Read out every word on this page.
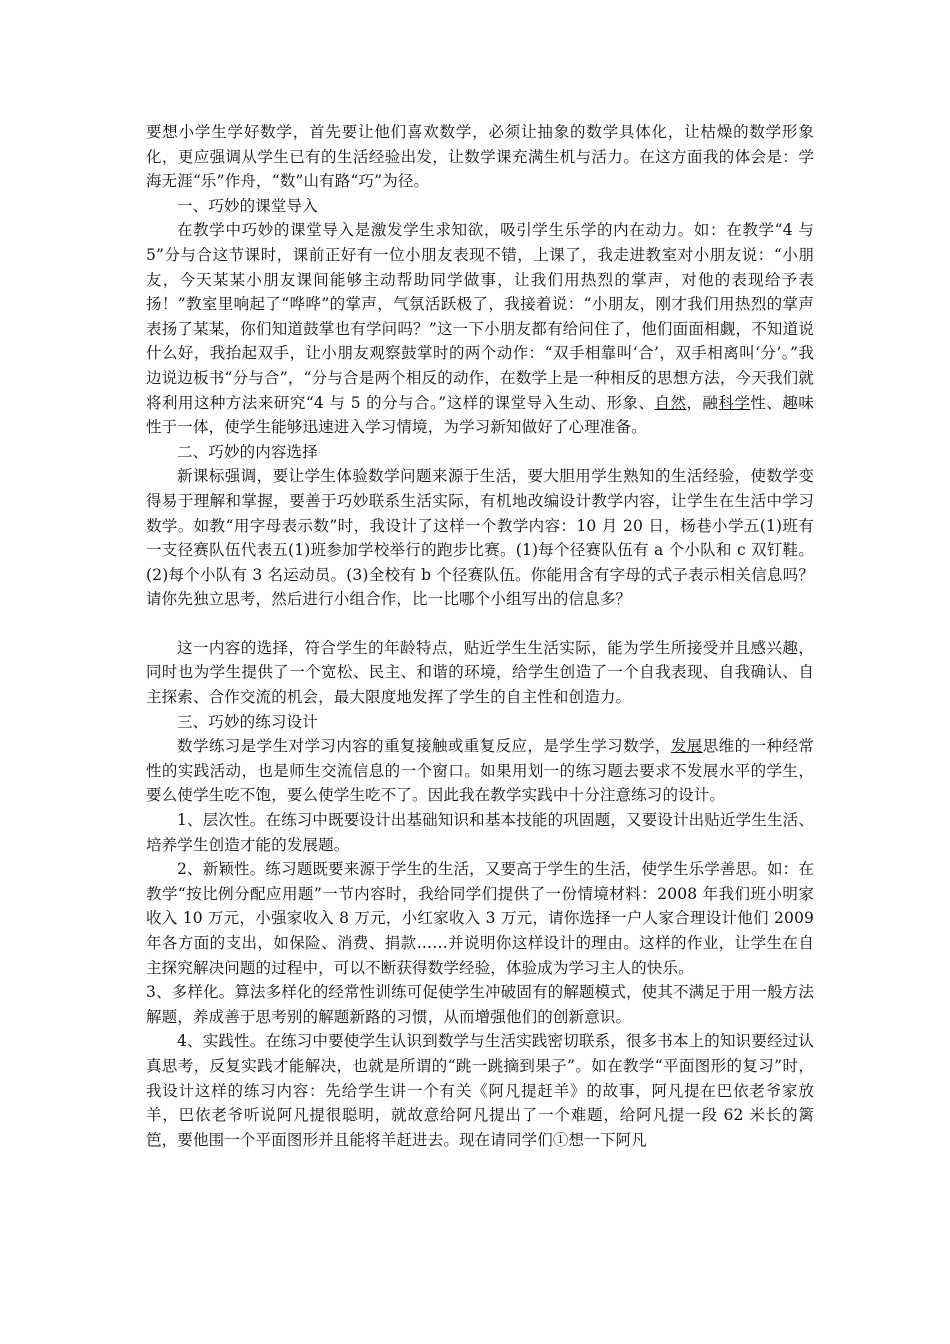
要想小学生学好数学，首先要让他们喜欢数学，必须让抽象的数学具体化，让枯燥的数学形象化，更应强调从学生已有的生活经验出发，让数学课充满生机与活力。在这方面我的体会是：学海无涯“乐”作舟，“数”山有路“巧”为径。

一、巧妙的课堂导入

在教学中巧妙的课堂导入是激发学生求知欲，吸引学生乐学的内在动力。如：在教学“4 与 5”分与合这节课时，课前正好有一位小朋友表现不错，上课了，我走进教室对小朋友说：“小朋友，今天某某小朋友课间能够主动帮助同学做事，让我们用热烈的掌声，对他的表现给予表扬！”教室里响起了“哗哗”的掌声，气氛活跃极了，我接着说：“小朋友，刚才我们用热烈的掌声表扬了某某，你们知道鼓掌也有学问吗？”这一下小朋友都有给问住了，他们面面相觑，不知道说什么好，我抬起双手，让小朋友观察鼓掌时的两个动作：“双手相靠叫‘合’，双手相离叫‘分’。”我边说边板书“分与合”，“分与合是两个相反的动作，在数学上是一种相反的思想方法，今天我们就将利用这种方法来研究“4 与 5 的分与合。”这样的课堂导入生动、形象、自然，融科学性、趣味性于一体，使学生能够迅速进入学习情境，为学习新知做好了心理准备。

二、巧妙的内容选择

新课标强调，要让学生体验数学问题来源于生活，要大胆用学生熟知的生活经验，使数学变得易于理解和掌握，要善于巧妙联系生活实际，有机地改编设计教学内容，让学生在生活中学习数学。如教“用字母表示数”时，我设计了这样一个教学内容：10 月 20 日，杨巷小学五(1)班有一支径赛队伍代表五(1)班参加学校举行的跑步比赛。(1)每个径赛队伍有 a 个小队和 c 双钉鞋。(2)每个小队有 3 名运动员。(3)全校有 b 个径赛队伍。你能用含有字母的式子表示相关信息吗？请你先独立思考，然后进行小组合作，比一比哪个小组写出的信息多？

这一内容的选择，符合学生的年龄特点，贴近学生生活实际，能为学生所接受并且感兴趣，同时也为学生提供了一个宽松、民主、和谐的环境，给学生创造了一个自我表现、自我确认、自主探索、合作交流的机会，最大限度地发挥了学生的自主性和创造力。

三、巧妙的练习设计

数学练习是学生对学习内容的重复接触或重复反应，是学生学习数学，发展思维的一种经常性的实践活动，也是师生交流信息的一个窗口。如果用划一的练习题去要求不发展水平的学生，要么使学生吃不饱，要么使学生吃不了。因此我在教学实践中十分注意练习的设计。

1、层次性。在练习中既要设计出基础知识和基本技能的巩固题，又要设计出贴近学生生活、培养学生创造才能的发展题。

2、新颖性。练习题既要来源于学生的生活，又要高于学生的生活，使学生乐学善思。如：在教学“按比例分配应用题”一节内容时，我给同学们提供了一份情境材料：2008 年我们班小明家收入 10 万元，小强家收入 8 万元，小红家收入 3 万元，请你选择一户人家合理设计他们 2009 年各方面的支出，如保险、消费、捐款……并说明你这样设计的理由。这样的作业，让学生在自主探究解决问题的过程中，可以不断获得数学经验，体验成为学习主人的快乐。

3、多样化。算法多样化的经常性训练可促使学生冲破固有的解题模式，使其不满足于用一般方法解题，养成善于思考别的解题新路的习惯，从而增强他们的创新意识。

4、实践性。在练习中要使学生认识到数学与生活实践密切联系，很多书本上的知识要经过认真思考，反复实践才能解决，也就是所谓的“跳一跳摘到果子”。如在教学“平面图形的复习”时，我设计这样的练习内容：先给学生讲一个有关《阿凡提赶羊》的故事，阿凡提在巴依老爷家放羊，巴依老爷听说阿凡提很聪明，就故意给阿凡提出了一个难题，给阿凡提一段 62 米长的篱笆，要他围一个平面图形并且能将羊赶进去。现在请同学们①想一下阿凡
